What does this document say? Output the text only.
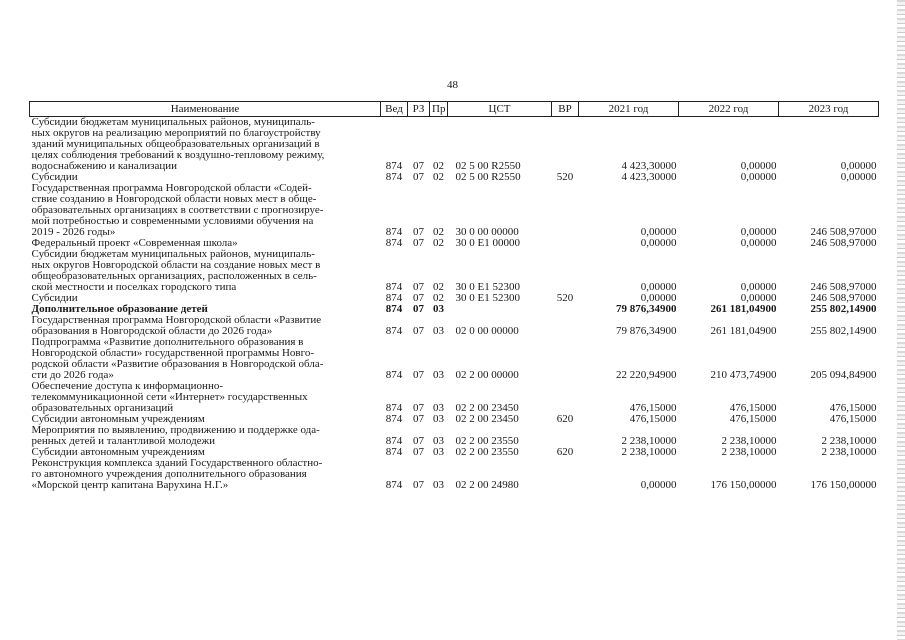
48
Наименование	Вед	РЗ	Пр	ЦСТ	ВР	2021 год	2022 год	2023 год
Субсидии бюджетам муниципальных районов, муниципаль-
ных округов на реализацию мероприятий по благоустройству
зданий муниципальных общеобразовательных организаций в
целях соблюдения требований к воздушно-тепловому режиму,
водоснабжению и канализации	874	07	02	02 5 00 R2550		4 423,30000	0,00000	0,00000
Субсидии	874	07	02	02 5 00 R2550	520	4 423,30000	0,00000	0,00000
Государственная программа Новгородской области «Содей-
ствие созданию в Новгородской области новых мест в обще-
образовательных организациях в соответствии с прогнозируе-
мой потребностью и современными условиями обучения на
2019 - 2026 годы»	874	07	02	30 0 00 00000		0,00000	0,00000	246 508,97000
Федеральный проект «Современная школа»	874	07	02	30 0 E1 00000		0,00000	0,00000	246 508,97000
Субсидии бюджетам муниципальных районов, муниципаль-
ных округов Новгородской области на создание новых мест в
общеобразовательных организациях, расположенных в сель-
ской местности и поселках городского типа	874	07	02	30 0 E1 52300		0,00000	0,00000	246 508,97000
Субсидии	874	07	02	30 0 E1 52300	520	0,00000	0,00000	246 508,97000
Дополнительное образование детей	874	07	03			79 876,34900	261 181,04900	255 802,14900
Государственная программа Новгородской области «Развитие
образования в Новгородской области до 2026 года»	874	07	03	02 0 00 00000		79 876,34900	261 181,04900	255 802,14900
Подпрограмма «Развитие дополнительного образования в
Новгородской области» государственной программы Новго-
родской области «Развитие образования в Новгородской обла-
сти до 2026 года»	874	07	03	02 2 00 00000		22 220,94900	210 473,74900	205 094,84900
Обеспечение доступа к информационно-
телекоммуникационной сети «Интернет» государственных
образовательных организаций	874	07	03	02 2 00 23450		476,15000	476,15000	476,15000
Субсидии автономным учреждениям	874	07	03	02 2 00 23450	620	476,15000	476,15000	476,15000
Мероприятия по выявлению, продвижению и поддержке ода-
ренных детей и талантливой молодежи	874	07	03	02 2 00 23550		2 238,10000	2 238,10000	2 238,10000
Субсидии автономным учреждениям	874	07	03	02 2 00 23550	620	2 238,10000	2 238,10000	2 238,10000
Реконструкция комплекса зданий Государственного областно-
го автономного учреждения дополнительного образования
«Морской центр капитана Варухина Н.Г.»	874	07	03	02 2 00 24980		0,00000	176 150,00000	176 150,00000
